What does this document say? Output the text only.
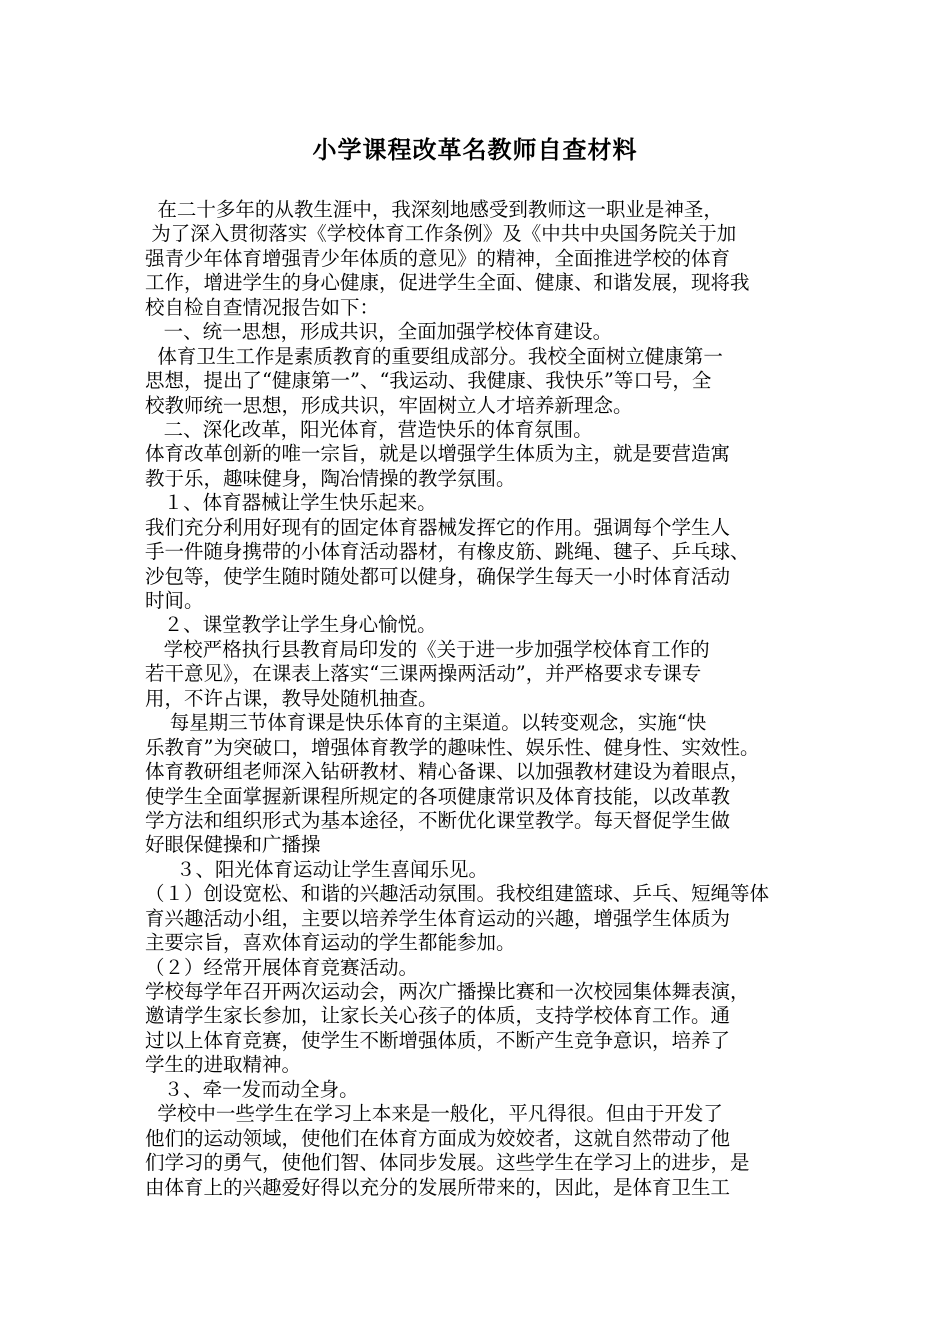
小学课程改革名教师自查材料
在二十多年的从教生涯中，我深刻地感受到教师这一职业是神圣，
为了深入贯彻落实《学校体育工作条例》及《中共中央国务院关于加
强青少年体育增强青少年体质的意见》的精神，全面推进学校的体育
工作，增进学生的身心健康，促进学生全面、健康、和谐发展，现将我
校自检自查情况报告如下：
一、统一思想，形成共识，全面加强学校体育建设。
体育卫生工作是素质教育的重要组成部分。我校全面树立健康第一
思想，提出了“健康第一”、“我运动、我健康、我快乐”等口号，全
校教师统一思想，形成共识，牢固树立人才培养新理念。
二、深化改革，阳光体育，营造快乐的体育氛围。
体育改革创新的唯一宗旨，就是以增强学生体质为主，就是要营造寓
教于乐，趣味健身，陶冶情操的教学氛围。
１、体育器械让学生快乐起来。
我们充分利用好现有的固定体育器械发挥它的作用。强调每个学生人
手一件随身携带的小体育活动器材，有橡皮筋、跳绳、毽子、乒乓球、
沙包等，使学生随时随处都可以健身，确保学生每天一小时体育活动
时间。
２、课堂教学让学生身心愉悦。
学校严格执行县教育局印发的《关于进一步加强学校体育工作的
若干意见》，在课表上落实“三课两操两活动”，并严格要求专课专
用，不许占课，教导处随机抽查。
每星期三节体育课是快乐体育的主渠道。以转变观念，实施“快
乐教育”为突破口，增强体育教学的趣味性、娱乐性、健身性、实效性。
体育教研组老师深入钻研教材、精心备课、以加强教材建设为着眼点，
使学生全面掌握新课程所规定的各项健康常识及体育技能，以改革教
学方法和组织形式为基本途径，不断优化课堂教学。每天督促学生做
好眼保健操和广播操
３、阳光体育运动让学生喜闻乐见。
（１）创设宽松、和谐的兴趣活动氛围。我校组建篮球、乒乓、短绳等体
育兴趣活动小组，主要以培养学生体育运动的兴趣，增强学生体质为
主要宗旨，喜欢体育运动的学生都能参加。
（２）经常开展体育竞赛活动。
学校每学年召开两次运动会，两次广播操比赛和一次校园集体舞表演，
邀请学生家长参加，让家长关心孩子的体质，支持学校体育工作。通
过以上体育竞赛，使学生不断增强体质，不断产生竞争意识，培养了
学生的进取精神。
３、牵一发而动全身。
学校中一些学生在学习上本来是一般化，平凡得很。但由于开发了
他们的运动领域，使他们在体育方面成为姣姣者，这就自然带动了他
们学习的勇气，使他们智、体同步发展。这些学生在学习上的进步，是
由体育上的兴趣爱好得以充分的发展所带来的，因此，是体育卫生工
